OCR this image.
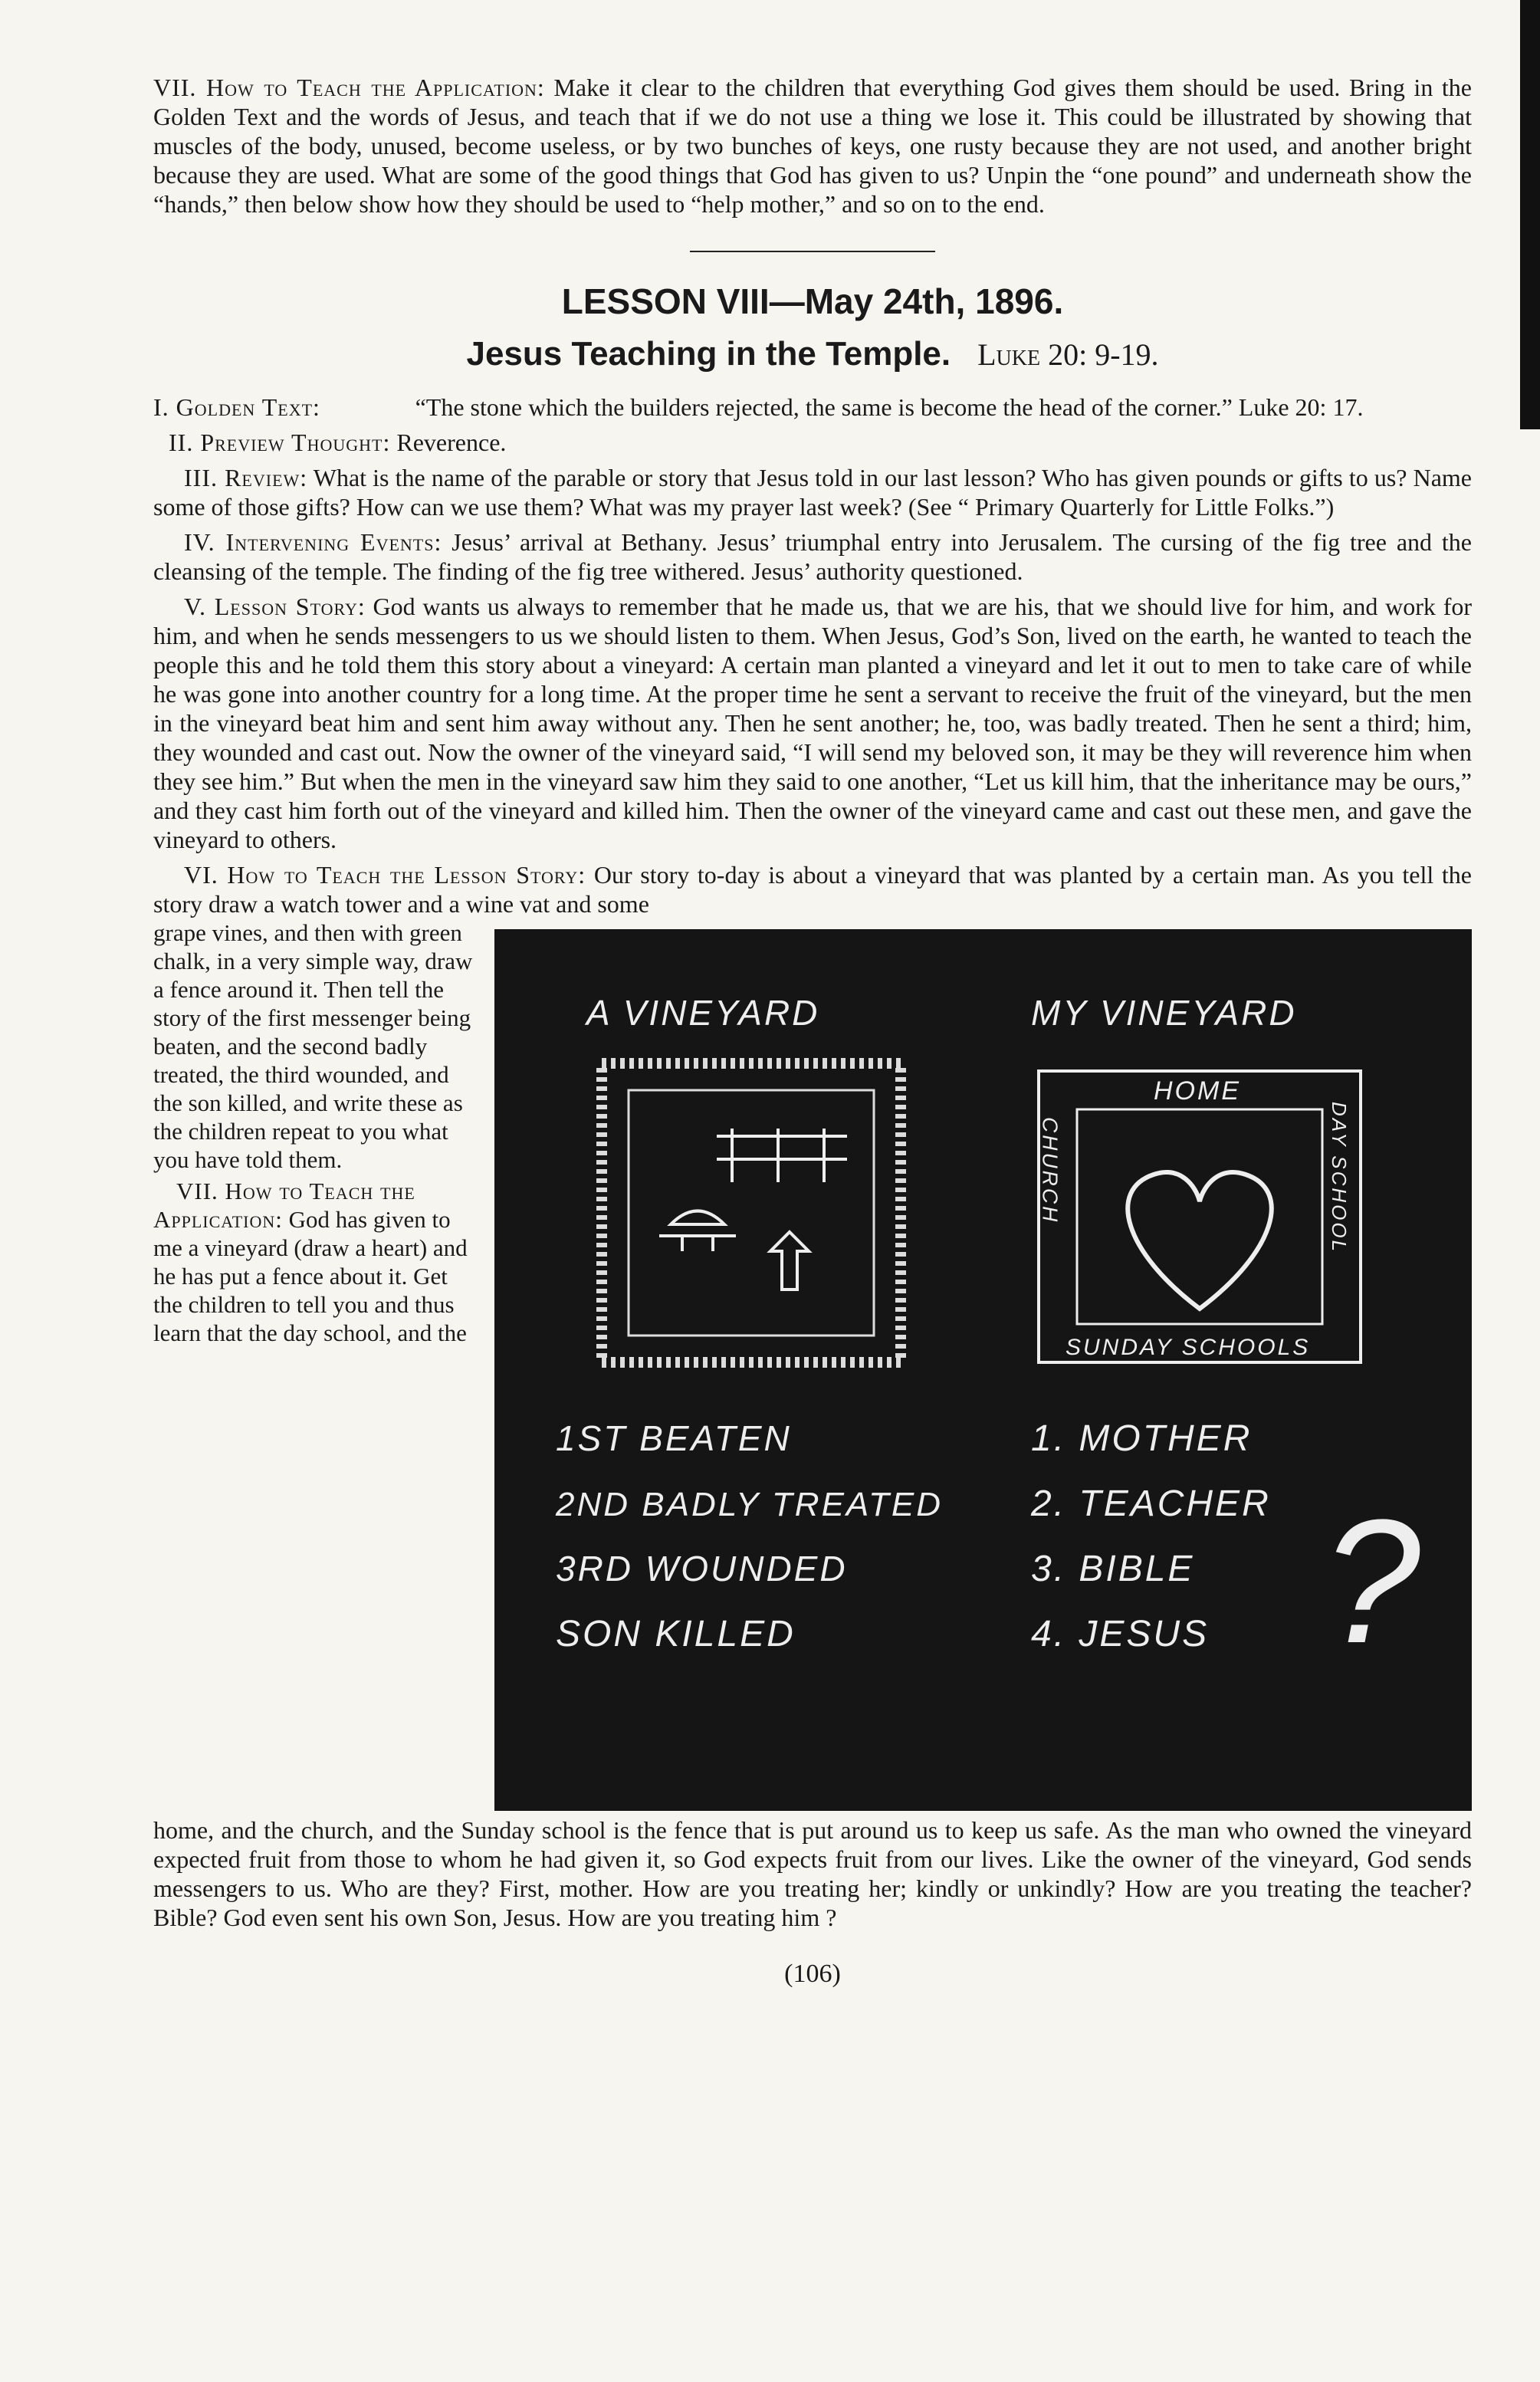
VII. How to Teach the Application: Make it clear to the children that everything God gives them should be used. Bring in the Golden Text and the words of Jesus, and teach that if we do not use a thing we lose it. This could be illustrated by showing that muscles of the body, unused, become useless, or by two bunches of keys, one rusty because they are not used, and another bright because they are used. What are some of the good things that God has given to us? Unpin the “one pound” and underneath show the “hands,” then below show how they should be used to “help mother,” and so on to the end.

LESSON VIII—May 24th, 1896.
Jesus Teaching in the Temple. Luke 20: 9-19.

I. Golden Text:	“The stone which the builders rejected, the same is become the head of the corner.” Luke 20: 17.

II. Preview Thought: Reverence.

III. Review: What is the name of the parable or story that Jesus told in our last lesson? Who has given pounds or gifts to us? Name some of those gifts? How can we use them? What was my prayer last week? (See “ Primary Quarterly for Little Folks.”)

IV. Intervening Events: Jesus’ arrival at Bethany. Jesus’ triumphal entry into Jerusalem. The cursing of the fig tree and the cleansing of the temple. The finding of the fig tree withered. Jesus’ authority questioned.

V. Lesson Story: God wants us always to remember that he made us, that we are his, that we should live for him, and work for him, and when he sends messengers to us we should listen to them. When Jesus, God’s Son, lived on the earth, he wanted to teach the people this and he told them this story about a vineyard: A certain man planted a vineyard and let it out to men to take care of while he was gone into another country for a long time. At the proper time he sent a servant to receive the fruit of the vineyard, but the men in the vineyard beat him and sent him away without any. Then he sent another; he, too, was badly treated. Then he sent a third; him, they wounded and cast out. Now the owner of the vineyard said, “I will send my beloved son, it may be they will reverence him when they see him.” But when the men in the vineyard saw him they said to one another, “Let us kill him, that the inheritance may be ours,” and they cast him forth out of the vineyard and killed him. Then the owner of the vineyard came and cast out these men, and gave the vineyard to others.

VI. How to Teach the Lesson Story: Our story to-day is about a vineyard that was planted by a certain man. As you tell the story draw a watch tower and a wine vat and some

grape vines, and then with green chalk, in a very simple way, draw a fence around it. Then tell the story of the first messenger being beaten, and the second badly treated, the third wounded, and the son killed, and write these as the children repeat to you what you have told them.

VII. How to Teach the Application: God has given to me a vineyard (draw a heart) and he has put a fence about it. Get the children to tell you and thus learn that the day school, and the

A VINEYARD	MY VINEYARD
HOME
CHURCH	DAY SCHOOL
SUNDAY SCHOOLS
1ST BEATEN
2ND BADLY TREATED
3RD WOUNDED
SON KILLED
1. MOTHER
2. TEACHER
3. BIBLE
4. JESUS ?

home, and the church, and the Sunday school is the fence that is put around us to keep us safe. As the man who owned the vineyard expected fruit from those to whom he had given it, so God expects fruit from our lives. Like the owner of the vineyard, God sends messengers to us. Who are they? First, mother. How are you treating her; kindly or unkindly? How are you treating the teacher? Bible? God even sent his own Son, Jesus. How are you treating him ?

(106)
